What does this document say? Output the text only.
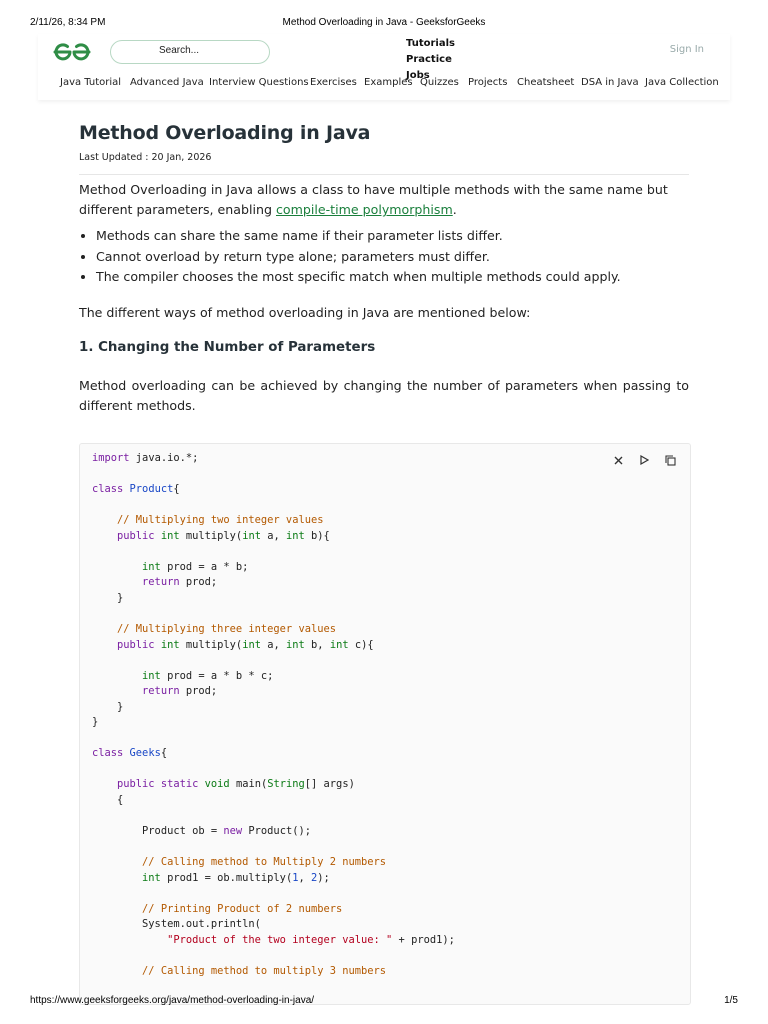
2/11/26, 8:34 PM	Method Overloading in Java - GeeksforGeeks
Search...
Tutorials
Practice
Jobs
Sign In
Java Tutorial Advanced Java Interview Questions Exercises Examples Quizzes Projects Cheatsheet DSA in Java Java Collection
Method Overloading in Java
Last Updated : 20 Jan, 2026
Method Overloading in Java allows a class to have multiple methods with the same name but
different parameters, enabling compile-time polymorphism.
• Methods can share the same name if their parameter lists differ.
• Cannot overload by return type alone; parameters must differ.
• The compiler chooses the most specific match when multiple methods could apply.
The different ways of method overloading in Java are mentioned below:
1. Changing the Number of Parameters
Method overloading can be achieved by changing the number of parameters when passing to different methods.
import java.io.*;

class Product{

// Multiplying two integer values
public int multiply(int a, int b){

int prod = a * b;
return prod;
}

// Multiplying three integer values
public int multiply(int a, int b, int c){

int prod = a * b * c;
return prod;
}
}

class Geeks{

public static void main(String[] args)
{

Product ob = new Product();

// Calling method to Multiply 2 numbers
int prod1 = ob.multiply(1, 2);

// Printing Product of 2 numbers
System.out.println(
"Product of the two integer value: " + prod1);

// Calling method to multiply 3 numbers
https://www.geeksforgeeks.org/java/method-overloading-in-java/	1/5
